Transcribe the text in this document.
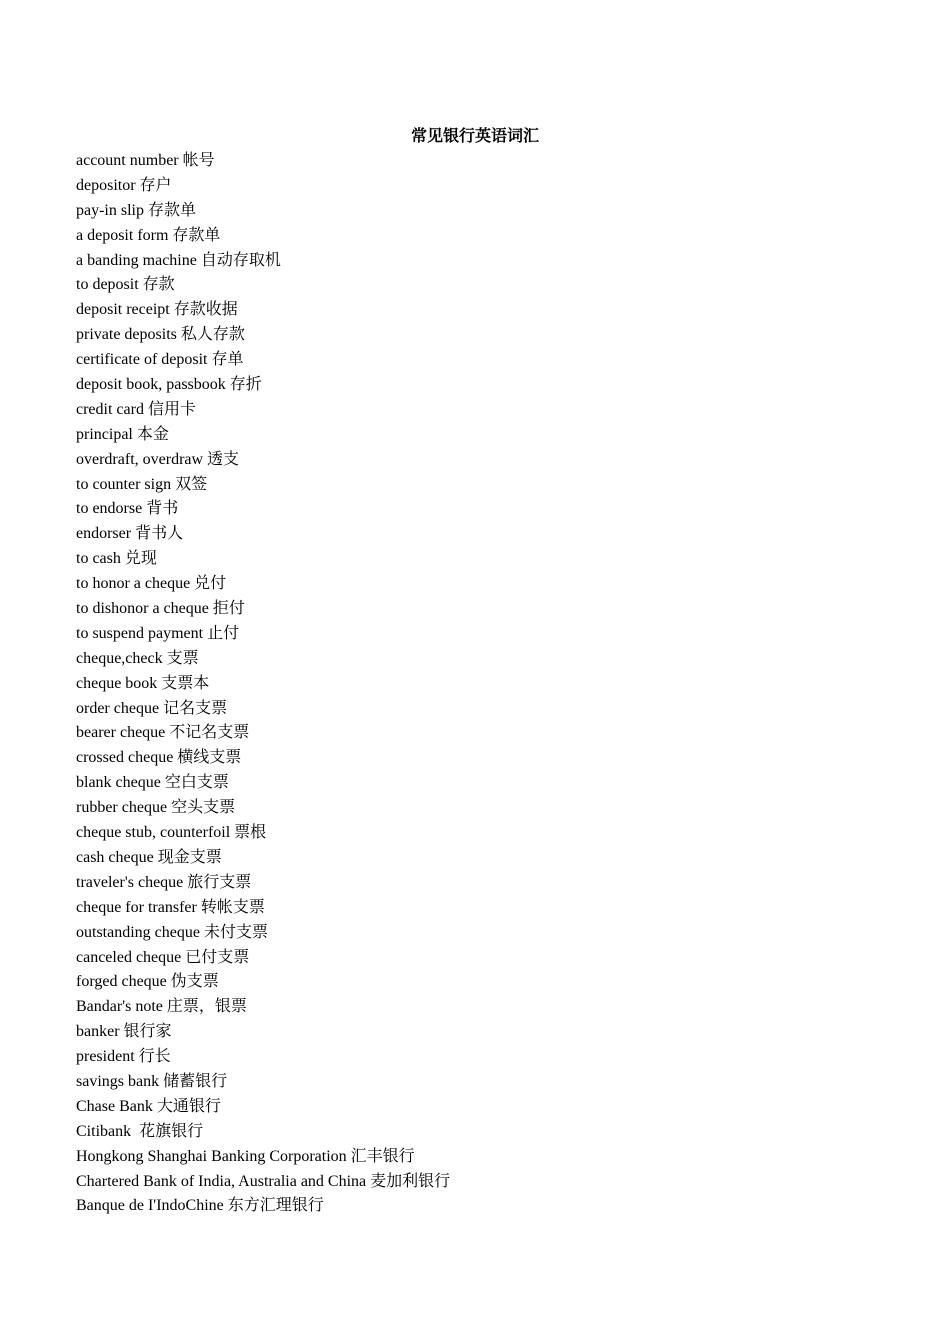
常见银行英语词汇
account number 帐号
depositor 存户
pay-in slip 存款单
a deposit form 存款单
a banding machine 自动存取机
to deposit 存款
deposit receipt 存款收据
private deposits 私人存款
certificate of deposit 存单
deposit book, passbook 存折
credit card 信用卡
principal 本金
overdraft, overdraw 透支
to counter sign 双签
to endorse 背书
endorser 背书人
to cash 兑现
to honor a cheque 兑付
to dishonor a cheque 拒付
to suspend payment 止付
cheque,check 支票
cheque book 支票本
order cheque 记名支票
bearer cheque 不记名支票
crossed cheque 横线支票
blank cheque 空白支票
rubber cheque 空头支票
cheque stub, counterfoil 票根
cash cheque 现金支票
traveler's cheque 旅行支票
cheque for transfer 转帐支票
outstanding cheque 未付支票
canceled cheque 已付支票
forged cheque 伪支票
Bandar's note 庄票，银票
banker 银行家
president 行长
savings bank 储蓄银行
Chase Bank 大通银行
Citibank  花旗银行
Hongkong Shanghai Banking Corporation 汇丰银行
Chartered Bank of India, Australia and China 麦加利银行
Banque de I'IndoChine 东方汇理银行
